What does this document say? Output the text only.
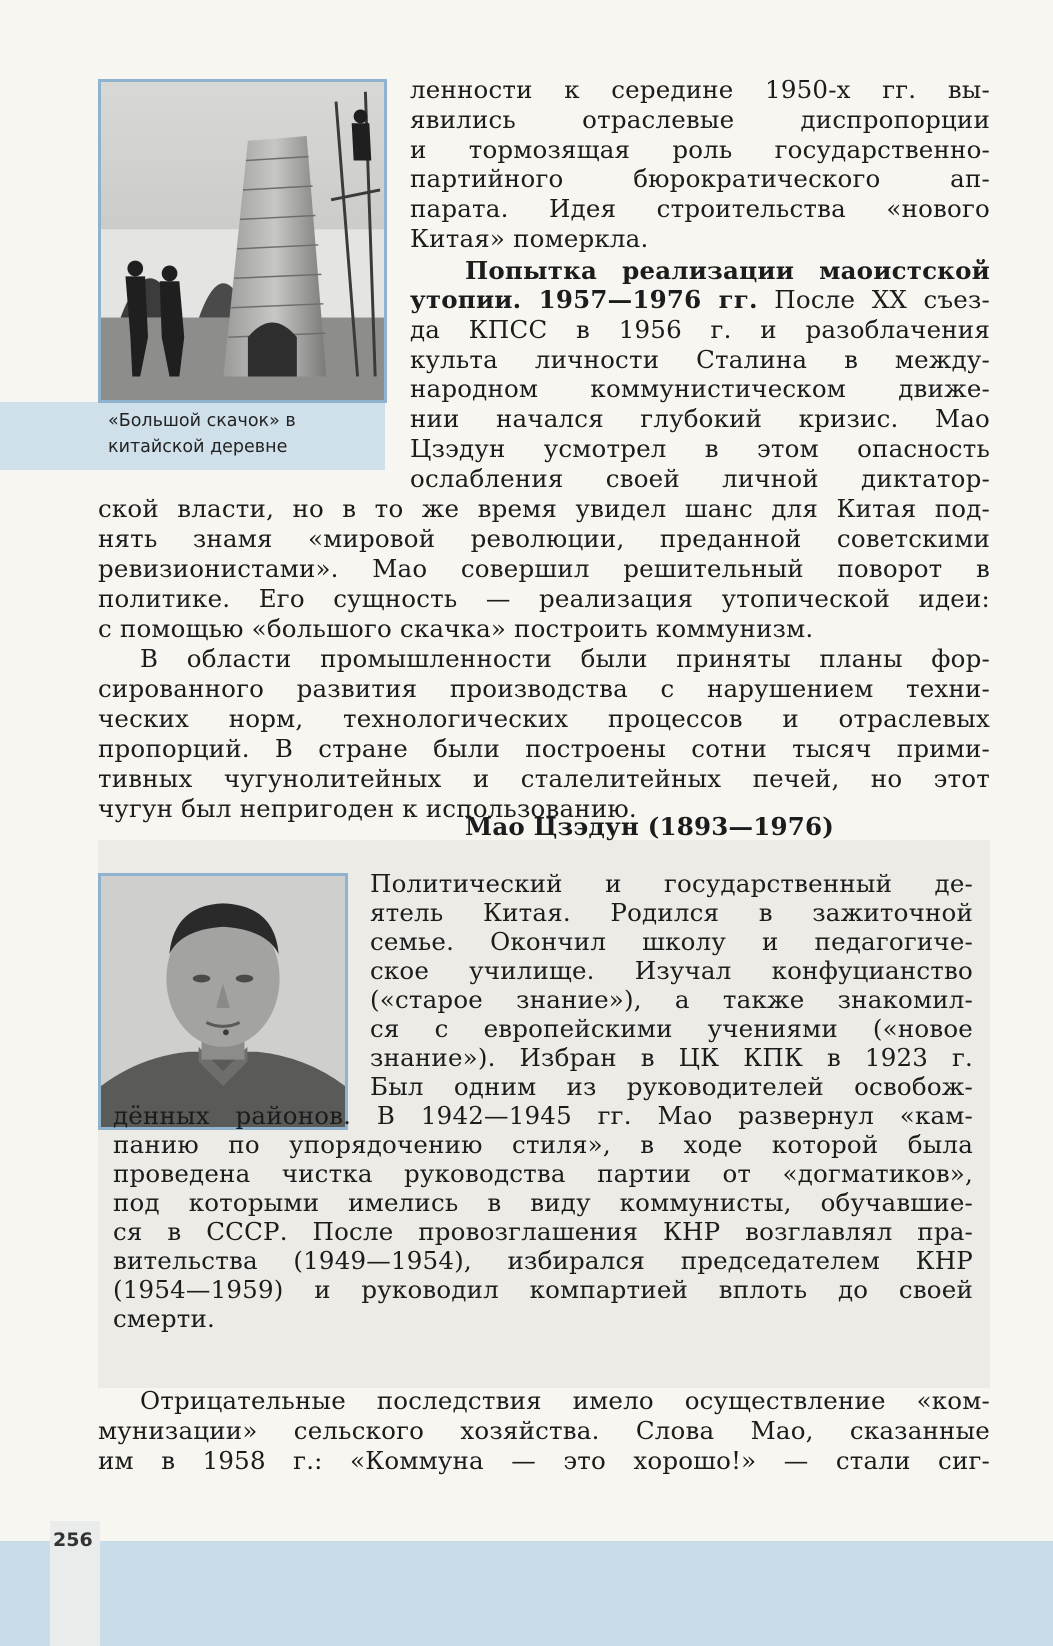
256
«Большой скачок» в
китайской деревне
ленности к середине 1950-х гг. вы-
явились отраслевые диспропорции
и тормозящая роль государственно-
партийного бюрократического ап-
парата. Идея строительства «нового
Китая» померкла.
Попытка реализации маоистской
утопии. 1957—1976 гг. После XX съез-
да КПСС в 1956 г. и разоблачения
культа личности Сталина в между-
народном коммунистическом движе-
нии начался глубокий кризис. Мао
Цзэдун усмотрел в этом опасность
ослабления своей личной диктатор-
ской власти, но в то же время увидел шанс для Китая под-
нять знамя «мировой революции, преданной советскими
ревизионистами». Мао совершил решительный поворот в
политике. Его сущность — реализация утопической идеи:
с помощью «большого скачка» построить коммунизм.
В области промышленности были приняты планы фор-
сированного развития производства с нарушением техни-
ческих норм, технологических процессов и отраслевых
пропорций. В стране были построены сотни тысяч прими-
тивных чугунолитейных и сталелитейных печей, но этот
чугун был непригоден к использованию.
Мао Цзэдун (1893—1976)
Политический и государственный де-
ятель Китая. Родился в зажиточной
семье. Окончил школу и педагогиче-
ское училище. Изучал конфуцианство
(«старое знание»), а также знакомил-
ся с европейскими учениями («новое
знание»). Избран в ЦК КПК в 1923 г.
Был одним из руководителей освобож-
дённых районов. В 1942—1945 гг. Мао развернул «кам-
панию по упорядочению стиля», в ходе которой была
проведена чистка руководства партии от «догматиков»,
под которыми имелись в виду коммунисты, обучавшие-
ся в СССР. После провозглашения КНР возглавлял пра-
вительства (1949—1954), избирался председателем КНР
(1954—1959) и руководил компартией вплоть до своей
смерти.
Отрицательные последствия имело осуществление «ком-
мунизации» сельского хозяйства. Слова Мао, сказанные
им в 1958 г.: «Коммуна — это хорошо!» — стали сиг-
